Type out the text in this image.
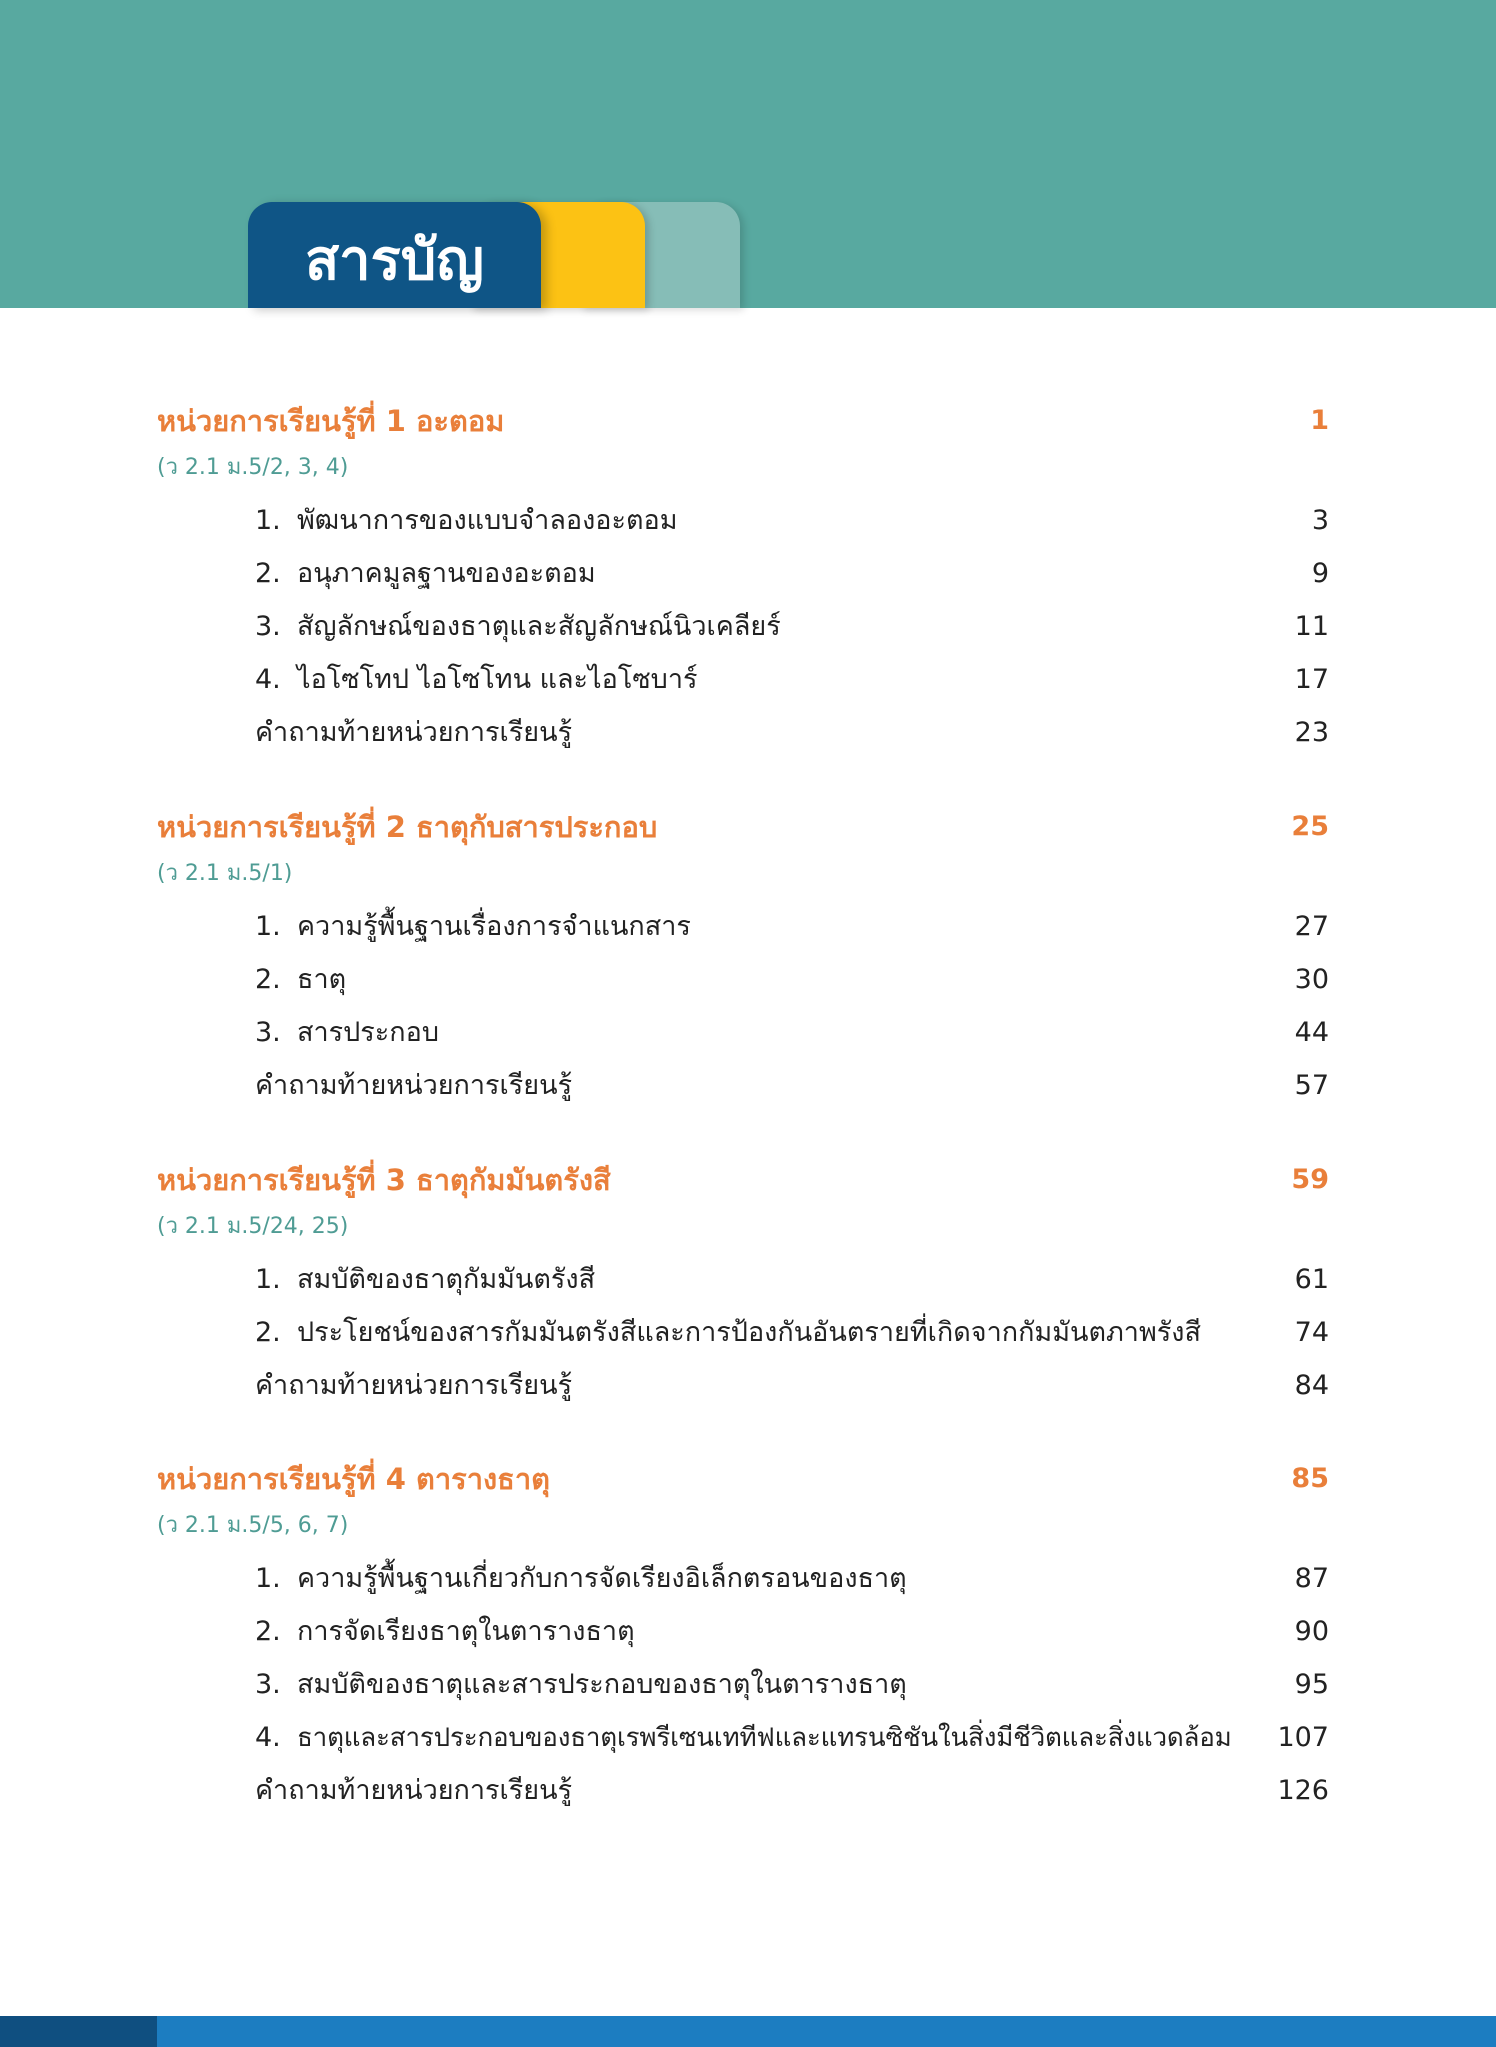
สารบัญ
หน่วยการเรียนรู้ที่ 1 อะตอม	1
(ว 2.1 ม.5/2, 3, 4)
1. พัฒนาการของแบบจำลองอะตอม	3
2. อนุภาคมูลฐานของอะตอม	9
3. สัญลักษณ์ของธาตุและสัญลักษณ์นิวเคลียร์	11
4. ไอโซโทป ไอโซโทน และไอโซบาร์	17
คำถามท้ายหน่วยการเรียนรู้	23
หน่วยการเรียนรู้ที่ 2 ธาตุกับสารประกอบ	25
(ว 2.1 ม.5/1)
1. ความรู้พื้นฐานเรื่องการจำแนกสาร	27
2. ธาตุ	30
3. สารประกอบ	44
คำถามท้ายหน่วยการเรียนรู้	57
หน่วยการเรียนรู้ที่ 3 ธาตุกัมมันตรังสี	59
(ว 2.1 ม.5/24, 25)
1. สมบัติของธาตุกัมมันตรังสี	61
2. ประโยชน์ของสารกัมมันตรังสีและการป้องกันอันตรายที่เกิดจากกัมมันตภาพรังสี	74
คำถามท้ายหน่วยการเรียนรู้	84
หน่วยการเรียนรู้ที่ 4 ตารางธาตุ	85
(ว 2.1 ม.5/5, 6, 7)
1. ความรู้พื้นฐานเกี่ยวกับการจัดเรียงอิเล็กตรอนของธาตุ	87
2. การจัดเรียงธาตุในตารางธาตุ	90
3. สมบัติของธาตุและสารประกอบของธาตุในตารางธาตุ	95
4. ธาตุและสารประกอบของธาตุเรพรีเซนเททีฟและแทรนซิชันในสิ่งมีชีวิตและสิ่งแวดล้อม 107
คำถามท้ายหน่วยการเรียนรู้	126
